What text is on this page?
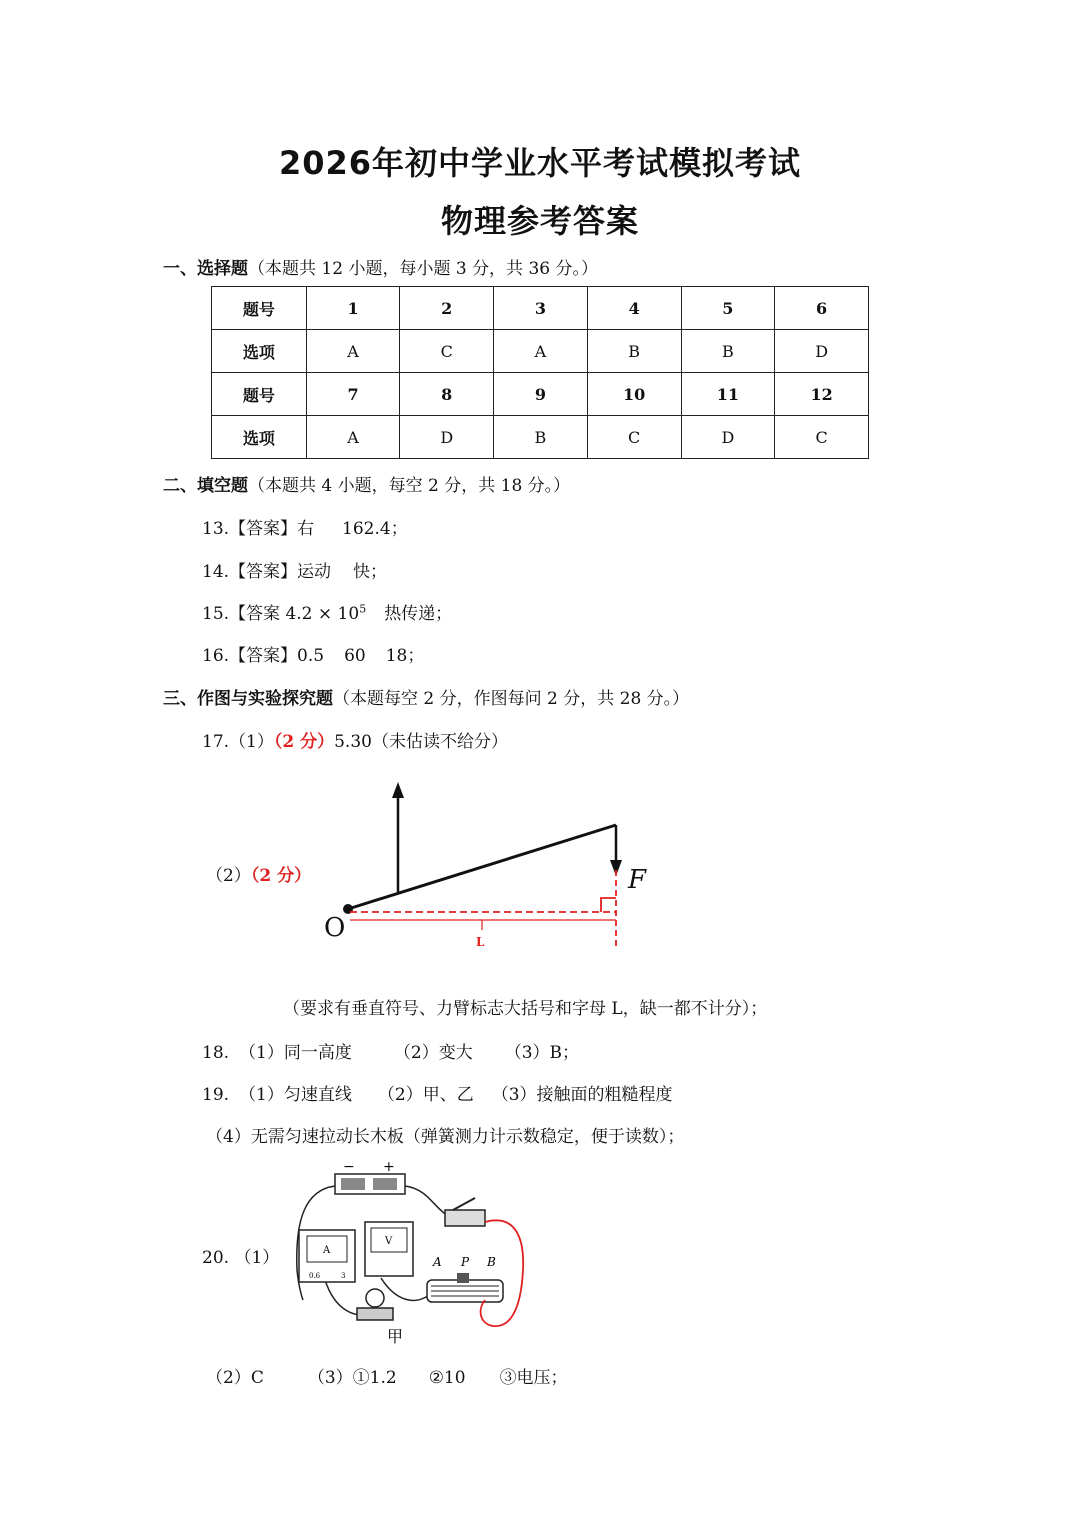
2026年初中学业水平考试模拟考试
物理参考答案
一、选择题（本题共 12 小题，每小题 3 分，共 36 分。）
题号	1	2	3	4	5	6
选项	A	C	A	B	B	D
题号	7	8	9	10	11	12
选项	A	D	B	C	D	C
二、填空题（本题共 4 小题，每空 2 分，共 18 分。）
13.【答案】右 162.4；
14.【答案】运动 快；
15.【答案 $4.2 \times 10^5$ 热传递；
16.【答案】0.5 60 18；
三、作图与实验探究题（本题每空 2 分，作图每问 2 分，共 28 分。）
17.（1）（2 分）5.30（未估读不给分）
（2）（2 分）
L
O
F
（要求有垂直符号、力臂标志大括号和字母 L，缺一都不计分）；
18. （1）同一高度 （2）变大 （3）B；
19. （1）匀速直线 （2）甲、乙 （3）接触面的粗糙程度
（4）无需匀速拉动长木板（弹簧测力计示数稳定，便于读数）；
20. （1）
− +
A
0.6	3
V
甲
A P B
（2）C	（3）①1.2 ②10 ③电压；
